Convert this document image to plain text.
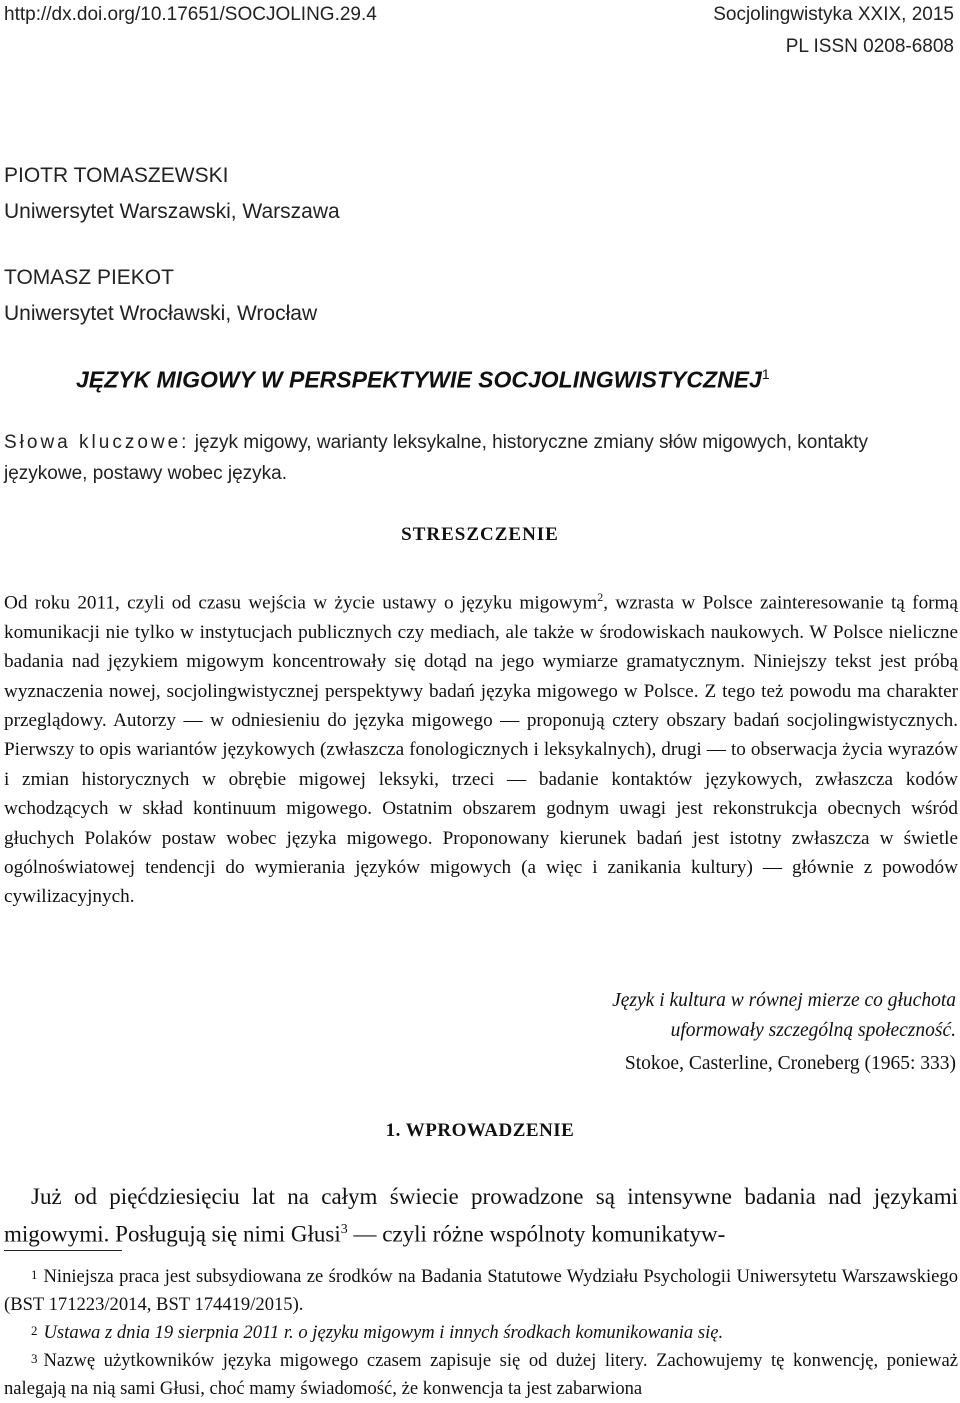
http://dx.doi.org/10.17651/SOCJOLING.29.4	Socjolingwistyka XXIX, 2015
PL ISSN 0208-6808
PIOTR TOMASZEWSKI
Uniwersytet Warszawski, Warszawa
TOMASZ PIEKOT
Uniwersytet Wrocławski, Wrocław
JĘZYK MIGOWY W PERSPEKTYWIE SOCJOLINGWISTYCZNEJ$^1$
Słowa kluczowe: język migowy, warianty leksykalne, historyczne zmiany słów migowych, kontakty językowe, postawy wobec języka.
STRESZCZENIE
Od roku 2011, czyli od czasu wejścia w życie ustawy o języku migowym$^2$, wzrasta w Polsce zainteresowanie tą formą komunikacji nie tylko w instytucjach publicznych czy mediach, ale także w środowiskach naukowych. W Polsce nieliczne badania nad językiem migowym koncentrowały się dotąd na jego wymiarze gramatycznym. Niniejszy tekst jest próbą wyznaczenia nowej, socjolingwistycznej perspektywy badań języka migowego w Polsce. Z tego też powodu ma charakter przeglądowy. Autorzy — w odniesieniu do języka migowego — proponują cztery obszary badań socjolingwistycznych. Pierwszy to opis wariantów językowych (zwłaszcza fonologicznych i leksykalnych), drugi — to obserwacja życia wyrazów i zmian historycznych w obrębie migowej leksyki, trzeci — badanie kontaktów językowych, zwłaszcza kodów wchodzących w skład kontinuum migowego. Ostatnim obszarem godnym uwagi jest rekonstrukcja obecnych wśród głuchych Polaków postaw wobec języka migowego. Proponowany kierunek badań jest istotny zwłaszcza w świetle ogólnoświatowej tendencji do wymierania języków migowych (a więc i zanikania kultury) — głównie z powodów cywilizacyjnych.
Język i kultura w równej mierze co głuchota
uformowały szczególną społeczność.
Stokoe, Casterline, Croneberg (1965: 333)
1. WPROWADZENIE
Już od pięćdziesięciu lat na całym świecie prowadzone są intensywne badania nad językami migowymi. Posługują się nimi Głusi$^3$ — czyli różne wspólnoty komunikatyw-
$^1$ Niniejsza praca jest subsydiowana ze środków na Badania Statutowe Wydziału Psychologii Uniwersytetu Warszawskiego (BST 171223/2014, BST 174419/2015).
$^2$ Ustawa z dnia 19 sierpnia 2011 r. o języku migowym i innych środkach komunikowania się.
$^3$ Nazwę użytkowników języka migowego czasem zapisuje się od dużej litery. Zachowujemy tę konwencję, ponieważ nalegają na nią sami Głusi, choć mamy świadomość, że konwencja ta jest zabarwiona
